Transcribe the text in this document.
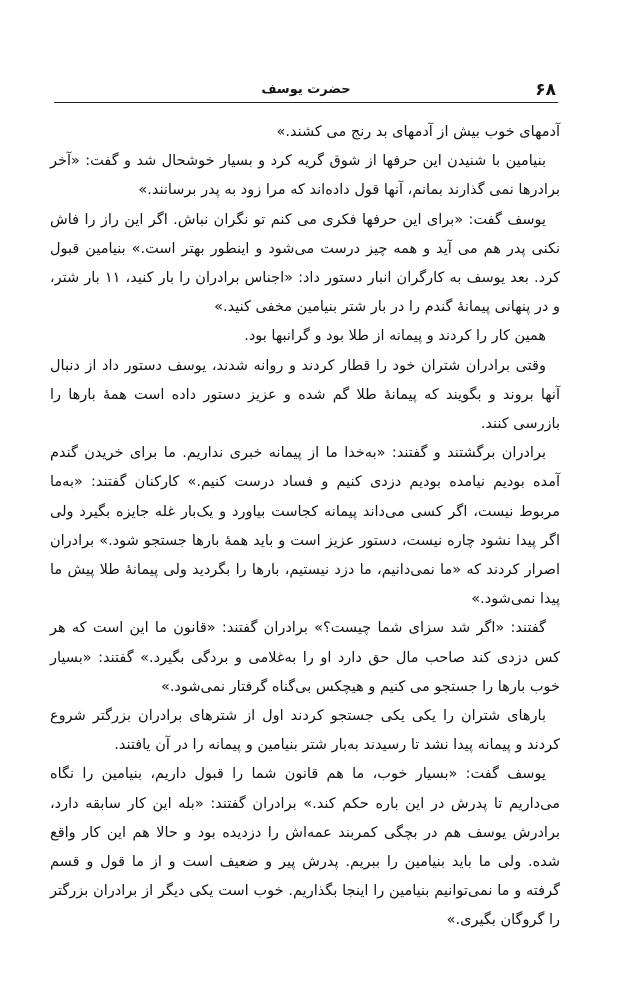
۶۸
حضرت یوسف

آدمهای خوب بیش از آدمهای بد رنج می کشند.»

بنیامین با شنیدن این حرفها از شوق گریه کرد و بسیار خوشحال شد و گفت: «آخر برادرها نمی گذارند بمانم، آنها قول داده‌اند که مرا زود به پدر برسانند.»

یوسف گفت: «برای این حرفها فکری می کنم تو نگران نباش. اگر این راز را فاش نکنی پدر هم می آید و همه چیز درست می‌شود و اینطور بهتر است.» بنیامین قبول کرد. بعد یوسف به کارگران انبار دستور داد: «اجناس برادران را بار کنید، ۱۱ بار شتر، و در پنهانی پیمانهٔ گندم را در بار شتر بنیامین مخفی کنید.»

همین کار را کردند و پیمانه از طلا بود و گرانبها بود.

وقتی برادران شتران خود را قطار کردند و روانه شدند، یوسف دستور داد از دنبال آنها بروند و بگویند که پیمانهٔ طلا گم شده و عزیز دستور داده است همهٔ بارها را بازرسی کنند.

برادران برگشتند و گفتند: «به‌خدا ما از پیمانه خبری نداریم. ما برای خریدن گندم آمده بودیم نیامده بودیم دزدی کنیم و فساد درست کنیم.» کارکنان گفتند: «به‌ما مربوط نیست، اگر کسی می‌داند پیمانه کجاست بیاورد و یک‌بار غله جایزه بگیرد ولی اگر پیدا نشود چاره نیست، دستور عزیز است و باید همهٔ بارها جستجو شود.» برادران اصرار کردند که «ما نمی‌دانیم، ما دزد نیستیم، بارها را بگردید ولی پیمانهٔ طلا پیش ما پیدا نمی‌شود.»

گفتند: «اگر شد سزای شما چیست؟» برادران گفتند: «قانون ما این است که هر کس دزدی کند صاحب مال حق دارد او را به‌غلامی و بردگی بگیرد.» گفتند: «بسیار خوب بارها را جستجو می کنیم و هیچکس بی‌گناه گرفتار نمی‌شود.»

بارهای شتران را یکی یکی جستجو کردند اول از شترهای برادران بزرگتر شروع کردند و پیمانه پیدا نشد تا رسیدند به‌بار شتر بنیامین و پیمانه را در آن یافتند.

یوسف گفت: «بسیار خوب، ما هم قانون شما را قبول داریم، بنیامین را نگاه می‌داریم تا پدرش در این باره حکم کند.» برادران گفتند: «بله این کار سابقه دارد، برادرش یوسف هم در بچگی کمربند عمه‌اش را دزدیده بود و حالا هم این کار واقع شده. ولی ما باید بنیامین را ببریم. پدرش پیر و ضعیف است و از ما قول و قسم گرفته و ما نمی‌توانیم بنیامین را اینجا بگذاریم. خوب است یکی دیگر از برادران بزرگتر را گروگان بگیری.»
